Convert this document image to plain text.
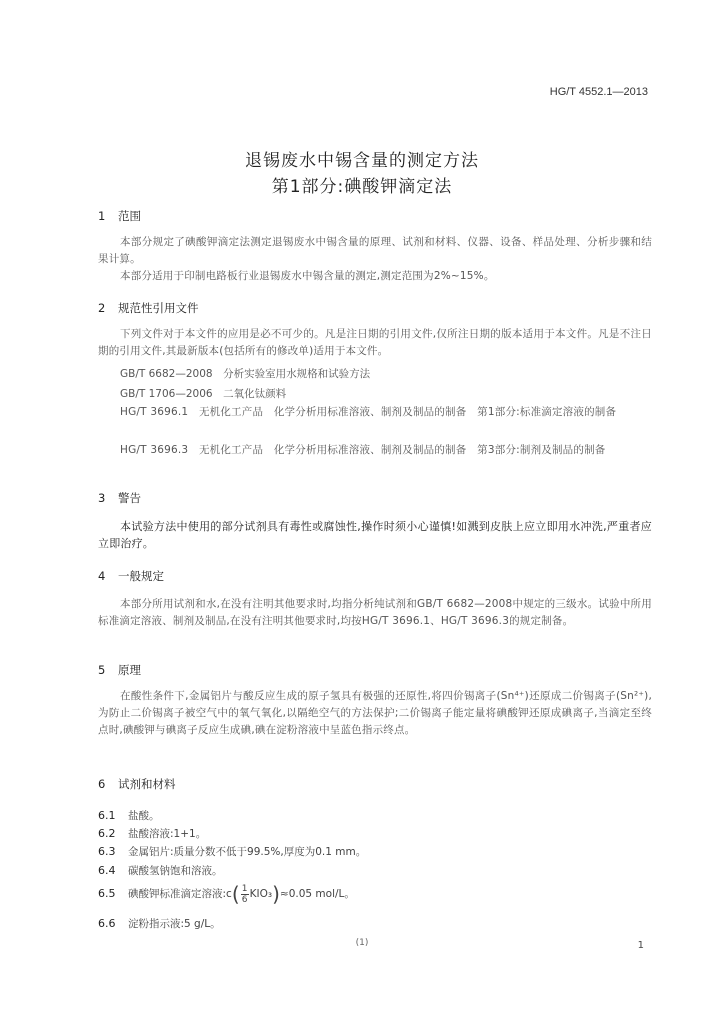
HG/T 4552.1—2013
退锡废水中锡含量的测定方法
第1部分:碘酸钾滴定法
1 范围
本部分规定了碘酸钾滴定法测定退锡废水中锡含量的原理、试剂和材料、仪器、设备、样品处理、分析步骤和结果计算。
本部分适用于印制电路板行业退锡废水中锡含量的测定,测定范围为2%~15%。
2 规范性引用文件
下列文件对于本文件的应用是必不可少的。凡是注日期的引用文件,仅所注日期的版本适用于本文件。凡是不注日期的引用文件,其最新版本(包括所有的修改单)适用于本文件。
GB/T 6682—2008　分析实验室用水规格和试验方法
GB/T 1706—2006　二氧化钛颜料
HG/T 3696.1　无机化工产品　化学分析用标准溶液、制剂及制品的制备　第1部分:标准滴定溶液的制备
HG/T 3696.3　无机化工产品　化学分析用标准溶液、制剂及制品的制备　第3部分:制剂及制品的制备
3 警告
本试验方法中使用的部分试剂具有毒性或腐蚀性,操作时须小心谨慎!如溅到皮肤上应立即用水冲洗,严重者应立即治疗。
4 一般规定
本部分所用试剂和水,在没有注明其他要求时,均指分析纯试剂和GB/T 6682—2008中规定的三级水。试验中所用标准滴定溶液、制剂及制品,在没有注明其他要求时,均按HG/T 3696.1、HG/T 3696.3的规定制备。
5 原理
在酸性条件下,金属铝片与酸反应生成的原子氢具有极强的还原性,将四价锡离子(Sn⁴⁺)还原成二价锡离子(Sn²⁺),为防止二价锡离子被空气中的氧气氧化,以隔绝空气的方法保护;二价锡离子能定量将碘酸钾还原成碘离子,当滴定至终点时,碘酸钾与碘离子反应生成碘,碘在淀粉溶液中呈蓝色指示终点。
6 试剂和材料
6.1 盐酸。
6.2 盐酸溶液:1+1。
6.3 金属铝片:质量分数不低于99.5%,厚度为0.1 mm。
6.4 碳酸氢钠饱和溶液。
6.5 碘酸钾标准滴定溶液:c( $\frac{1}{6} KIO_3)\approx 0.05$ mol/L。
6.6 淀粉指示液:5 g/L。
(1)	1
